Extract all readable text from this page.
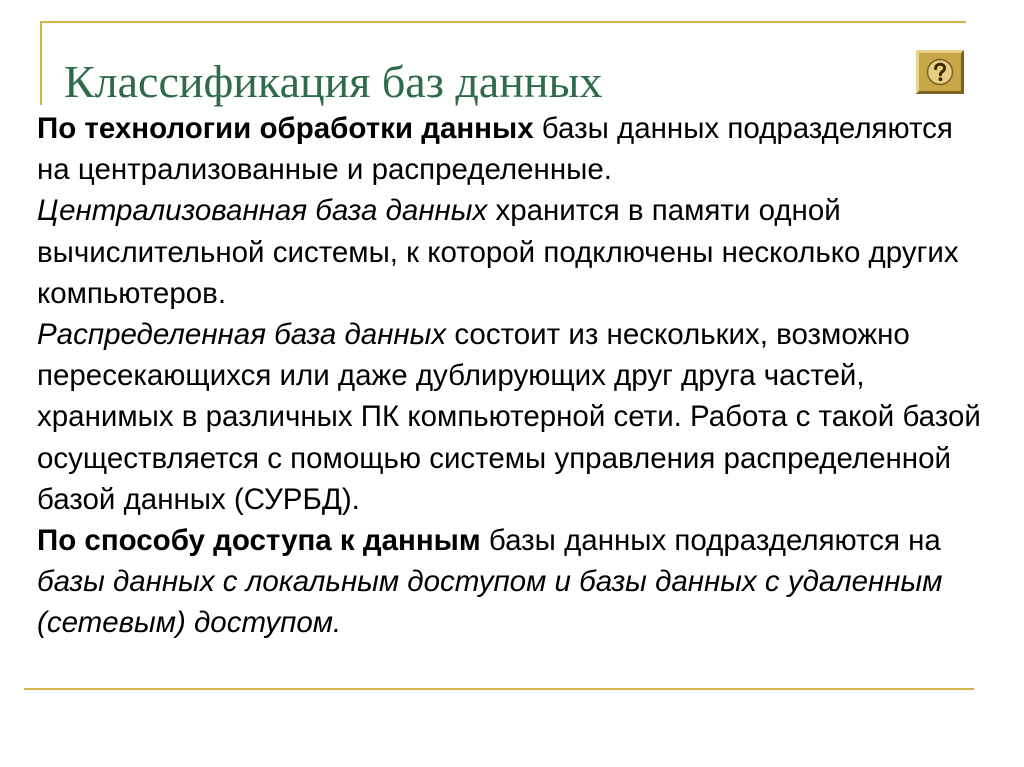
Классификация баз данных

По технологии обработки данных базы данных подразделяются на централизованные и распределенные.

Централизованная база данных хранится в памяти одной вычислительной системы, к которой подключены несколько других компьютеров.

Распределенная база данных состоит из нескольких, возможно пересекающихся или даже дублирующих друг друга частей, хранимых в различных ПК компьютерной сети. Работа с такой базой осуществляется с помощью системы управления распределенной базой данных (СУРБД).

По способу доступа к данным базы данных подразделяются на базы данных с локальным доступом и базы данных с удаленным (сетевым) доступом.
